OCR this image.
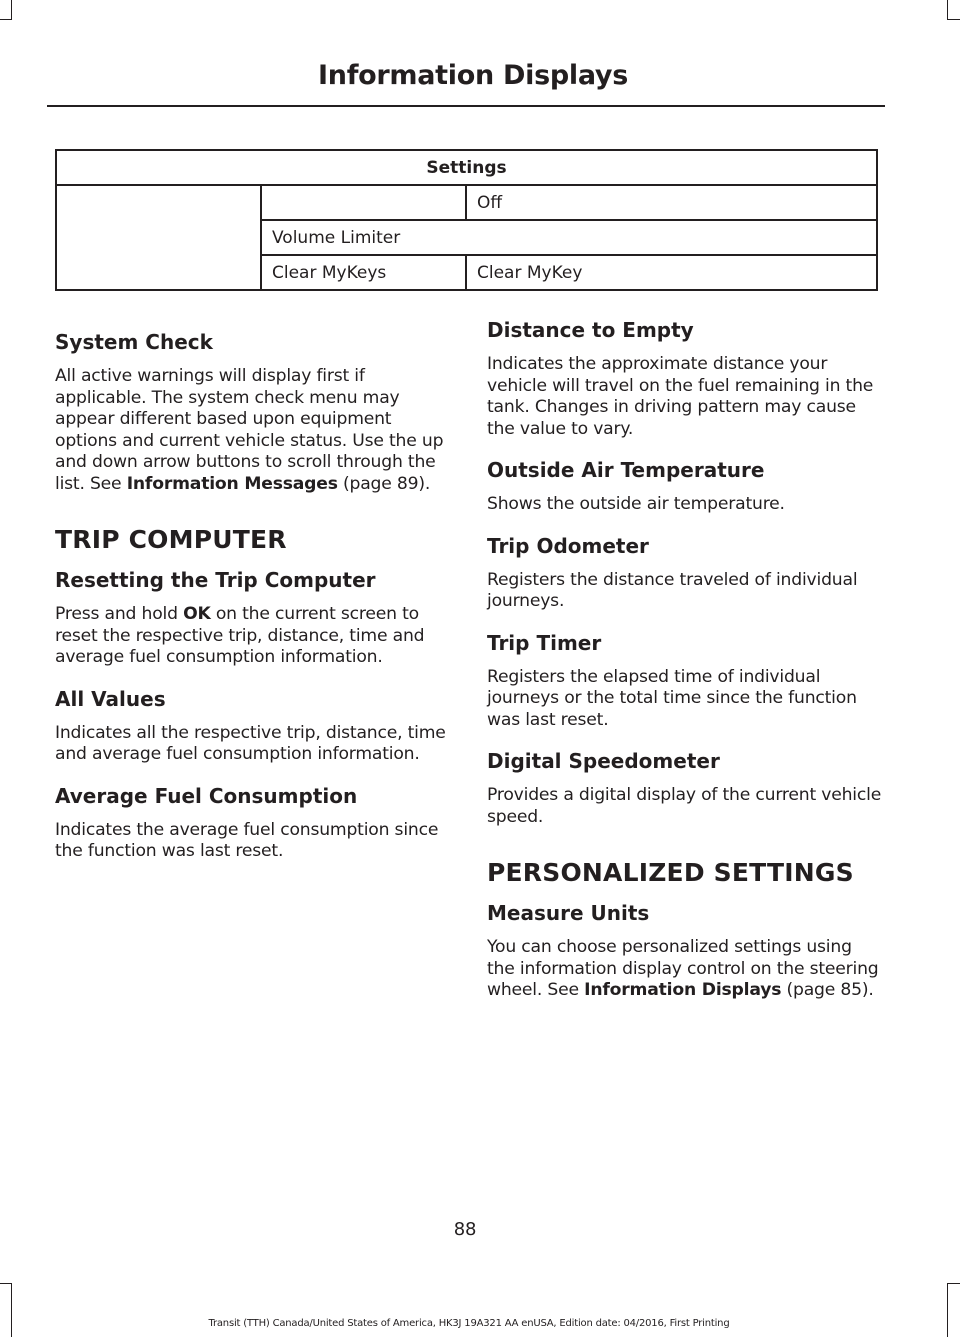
Information Displays
Settings		
		Off
	Volume Limiter	
	Clear MyKeys	Clear MyKey
System Check

All active warnings will display first if applicable. The system check menu may appear different based upon equipment options and current vehicle status. Use the up and down arrow buttons to scroll through the list. See Information Messages (page 89).

TRIP COMPUTER
Resetting the Trip Computer

Press and hold OK on the current screen to reset the respective trip, distance, time and average fuel consumption information.

All Values

Indicates all the respective trip, distance, time and average fuel consumption information.

Average Fuel Consumption

Indicates the average fuel consumption since the function was last reset.

Distance to Empty

Indicates the approximate distance your vehicle will travel on the fuel remaining in the tank. Changes in driving pattern may cause the value to vary.

Outside Air Temperature

Shows the outside air temperature.

Trip Odometer

Registers the distance traveled of individual journeys.

Trip Timer

Registers the elapsed time of individual journeys or the total time since the function was last reset.

Digital Speedometer

Provides a digital display of the current vehicle speed.

PERSONALIZED SETTINGS
Measure Units

You can choose personalized settings using the information display control on the steering wheel. See Information Displays (page 85).

88

Transit (TTH) Canada/United States of America, HK3J 19A321 AA enUSA, Edition date: 04/2016, First Printing
